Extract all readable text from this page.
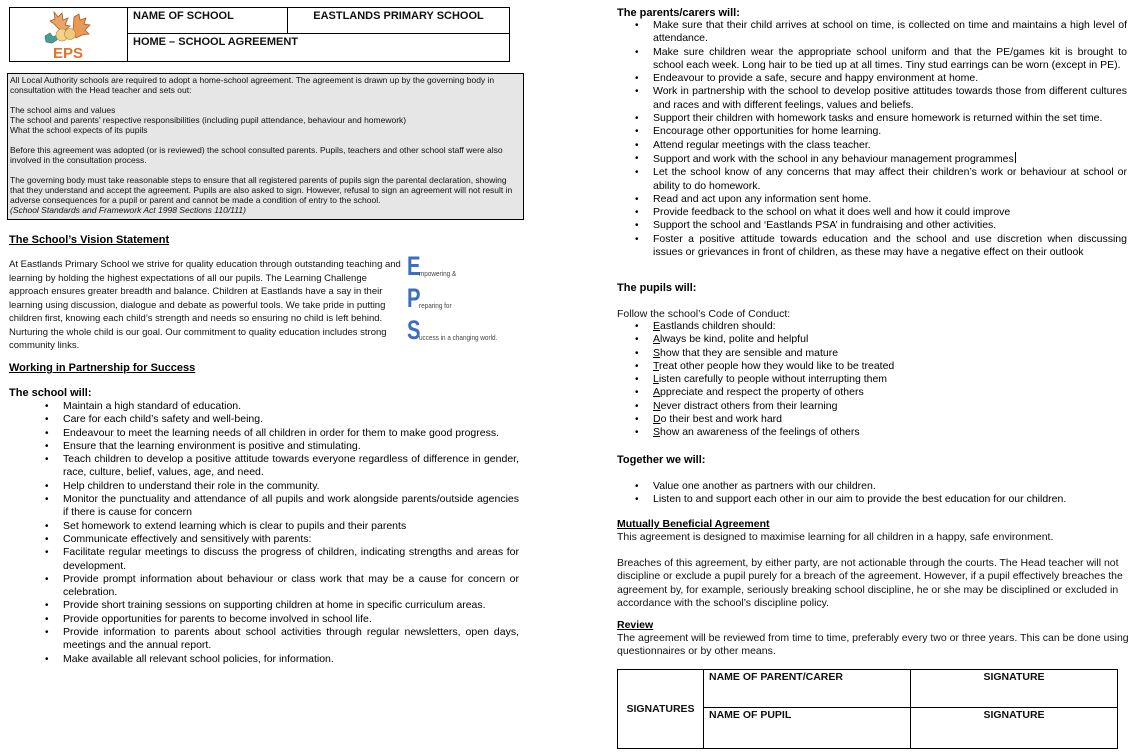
EPS
NAME OF SCHOOL	EASTLANDS PRIMARY SCHOOL
HOME – SCHOOL AGREEMENT

All Local Authority schools are required to adopt a home-school agreement. The agreement is drawn up by the governing body in consultation with the Head teacher and sets out:

The school aims and values

The school and parents’ respective responsibilities (including pupil attendance, behaviour and homework)

What the school expects of its pupils

Before this agreement was adopted (or is reviewed) the school consulted parents. Pupils, teachers and other school staff were also involved in the consultation process.

The governing body must take reasonable steps to ensure that all registered parents of pupils sign the parental declaration, showing that they understand and accept the agreement. Pupils are also asked to sign. However, refusal to sign an agreement will not result in adverse consequences for a pupil or parent and cannot be made a condition of entry to the school.

(School Standards and Framework Act 1998 Sections 110/111)

The School’s Vision Statement
At Eastlands Primary School we strive for quality education through outstanding teaching and learning by holding the highest expectations of all our pupils. The Learning Challenge approach ensures greater breadth and balance. Children at Eastlands have a say in their learning using discussion, dialogue and debate as powerful tools. We take pride in putting children first, knowing each child’s strength and needs so ensuring no child is left behind. Nurturing the whole child is our goal. Our commitment to quality education includes strong community links.
E
mpowering &
P
reparing for
S
uccess in a changing world.
Working in Partnership for Success
The school will:
• Maintain a high standard of education.
• Care for each child’s safety and well-being.
• Endeavour to meet the learning needs of all children in order for them to make good progress.
• Ensure that the learning environment is positive and stimulating.
• Teach children to develop a positive attitude towards everyone regardless of difference in gender, race, culture, belief, values, age, and need.
• Help children to understand their role in the community.
• Monitor the punctuality and attendance of all pupils and work alongside parents/outside agencies if there is cause for concern
• Set homework to extend learning which is clear to pupils and their parents
• Communicate effectively and sensitively with parents:
• Facilitate regular meetings to discuss the progress of children, indicating strengths and areas for development.
• Provide prompt information about behaviour or class work that may be a cause for concern or celebration.
• Provide short training sessions on supporting children at home in specific curriculum areas.
• Provide opportunities for parents to become involved in school life.
• Provide information to parents about school activities through regular newsletters, open days, meetings and the annual report.
• Make available all relevant school policies, for information.
The parents/carers will:
• Make sure that their child arrives at school on time, is collected on time and maintains a high level of attendance.
• Make sure children wear the appropriate school uniform and that the PE/games kit is brought to school each week. Long hair to be tied up at all times. Tiny stud earrings can be worn (except in PE).
• Endeavour to provide a safe, secure and happy environment at home.
• Work in partnership with the school to develop positive attitudes towards those from different cultures and races and with different feelings, values and beliefs.
• Support their children with homework tasks and ensure homework is returned within the set time.
• Encourage other opportunities for home learning.
• Attend regular meetings with the class teacher.
• Support and work with the school in any behaviour management programmes
• Let the school know of any concerns that may affect their children’s work or behaviour at school or ability to do homework.
• Read and act upon any information sent home.
• Provide feedback to the school on what it does well and how it could improve
• Support the school and ‘Eastlands PSA’ in fundraising and other activities.
• Foster a positive attitude towards education and the school and use discretion when discussing issues or grievances in front of children, as these may have a negative effect on their outlook
The pupils will:
Follow the school’s Code of Conduct:
• Eastlands children should:
• Always be kind, polite and helpful
• Show that they are sensible and mature
• Treat other people how they would like to be treated
• Listen carefully to people without interrupting them
• Appreciate and respect the property of others
• Never distract others from their learning
• Do their best and work hard
• Show an awareness of the feelings of others
Together we will:
• Value one another as partners with our children.
• Listen to and support each other in our aim to provide the best education for our children.
Mutually Beneficial Agreement
This agreement is designed to maximise learning for all children in a happy, safe environment.
Breaches of this agreement, by either party, are not actionable through the courts. The Head teacher will not discipline or exclude a pupil purely for a breach of the agreement. However, if a pupil effectively breaches the agreement by, for example, seriously breaking school discipline, he or she may be disciplined or excluded in accordance with the school’s discipline policy.
Review
The agreement will be reviewed from time to time, preferably every two or three years. This can be done using questionnaires or by other means.
SIGNATURES
NAME OF PARENT/CARER	SIGNATURE
NAME OF PUPIL	SIGNATURE
